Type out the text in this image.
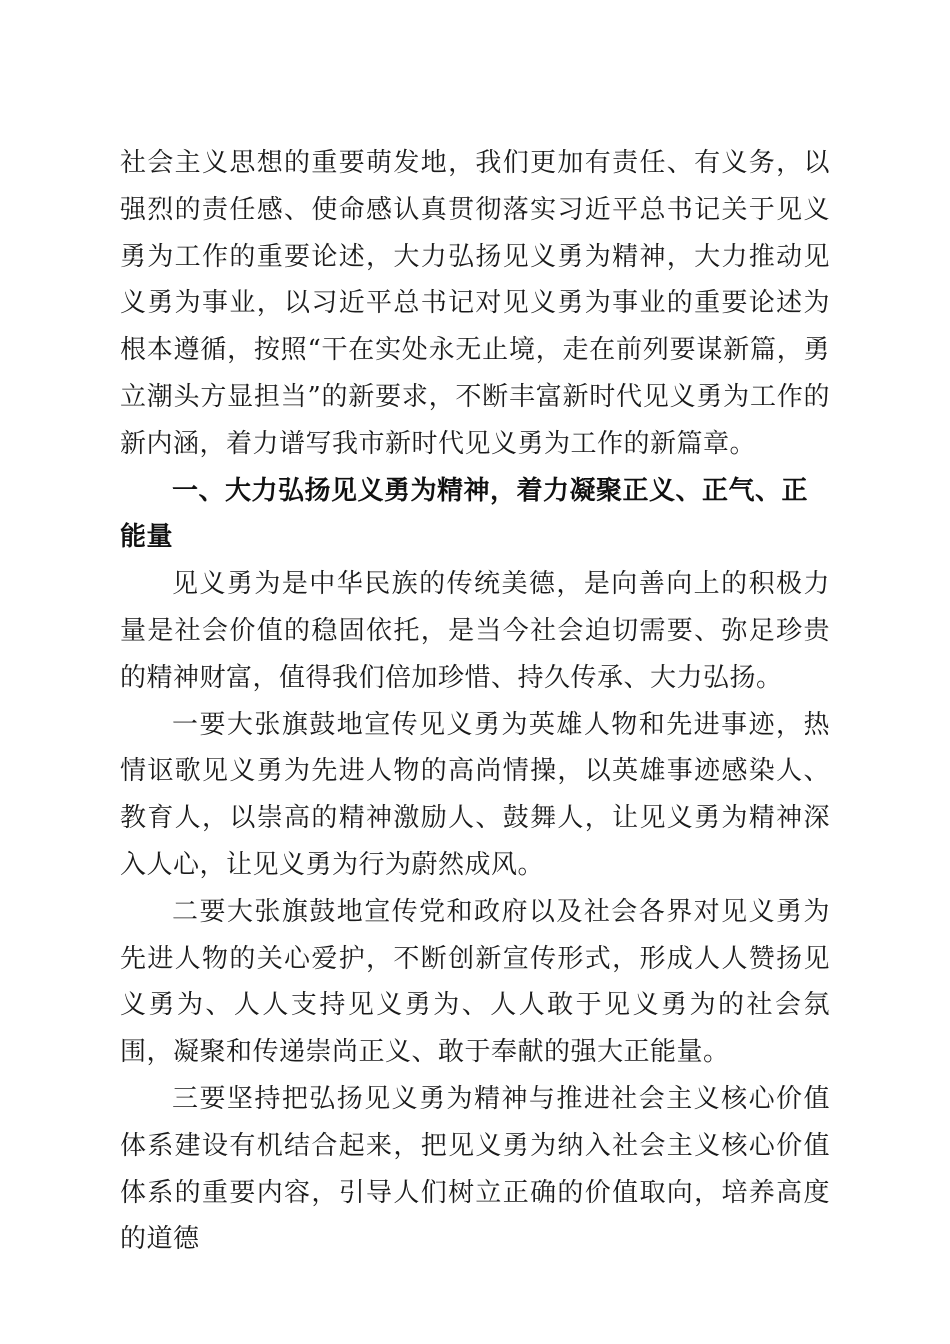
社会主义思想的重要萌发地，我们更加有责任、有义务，以强烈的责任感、使命感认真贯彻落实习近平总书记关于见义勇为工作的重要论述，大力弘扬见义勇为精神，大力推动见义勇为事业，以习近平总书记对见义勇为事业的重要论述为根本遵循，按照“干在实处永无止境，走在前列要谋新篇，勇立潮头方显担当”的新要求，不断丰富新时代见义勇为工作的新内涵，着力谱写我市新时代见义勇为工作的新篇章。

一、大力弘扬见义勇为精神，着力凝聚正义、正气、正能量

见义勇为是中华民族的传统美德，是向善向上的积极力量是社会价值的稳固依托，是当今社会迫切需要、弥足珍贵的精神财富，值得我们倍加珍惜、持久传承、大力弘扬。

一要大张旗鼓地宣传见义勇为英雄人物和先进事迹，热情讴歌见义勇为先进人物的高尚情操，以英雄事迹感染人、教育人，以崇高的精神激励人、鼓舞人，让见义勇为精神深入人心，让见义勇为行为蔚然成风。

二要大张旗鼓地宣传党和政府以及社会各界对见义勇为先进人物的关心爱护，不断创新宣传形式，形成人人赞扬见义勇为、人人支持见义勇为、人人敢于见义勇为的社会氛围，凝聚和传递崇尚正义、敢于奉献的强大正能量。

三要坚持把弘扬见义勇为精神与推进社会主义核心价值体系建设有机结合起来，把见义勇为纳入社会主义核心价值体系的重要内容，引导人们树立正确的价值取向，培养高度的道德
